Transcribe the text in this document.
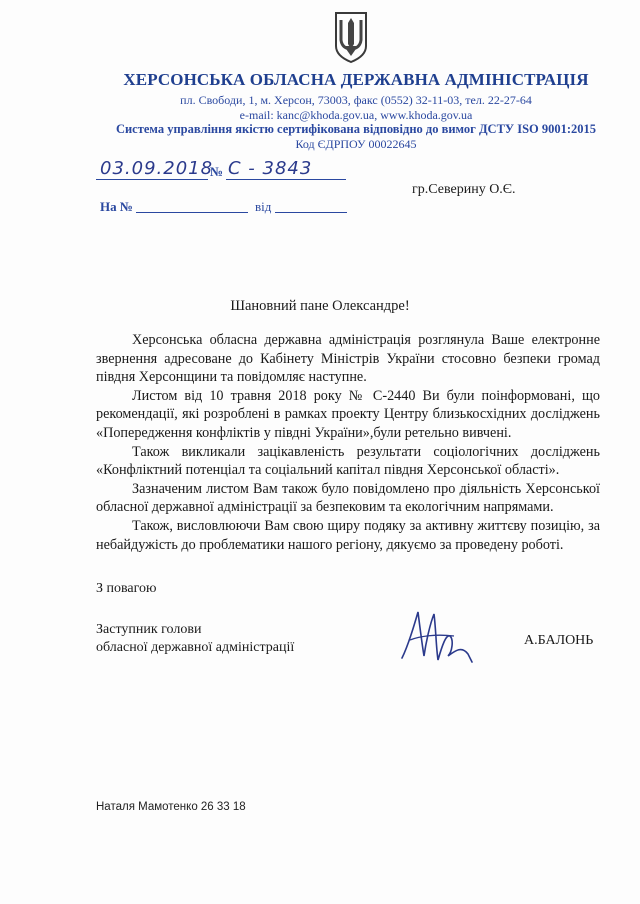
ХЕРСОНСЬКА ОБЛАСНА ДЕРЖАВНА АДМІНІСТРАЦІЯ
пл. Свободи, 1, м. Херсон, 73003, факс (0552) 32-11-03, тел. 22-27-64
e-mail: kanc@khoda.gov.ua, www.khoda.gov.ua
Система управління якістю сертифікована відповідно до вимог ДСТУ ISO 9001:2015
Код ЄДРПОУ 00022645
03.09.2018
№ С - 3843
На №	від
гр.Северину О.Є.
Шановний пане Олександре!

Херсонська обласна державна адміністрація розглянула Ваше електронне звернення адресоване до Кабінету Міністрів України стосовно безпеки громад півдня Херсонщини та повідомляє наступне.

Листом від 10 травня 2018 року № С-2440 Ви були поінформовані, що рекомендації, які розроблені в рамках проекту Центру близькосхідних досліджень «Попередження конфліктів у півдні України»,були ретельно вивчені.

Також викликали зацікавленість результати соціологічних досліджень «Конфліктний потенціал та соціальний капітал півдня Херсонської області».

Зазначеним листом Вам також було повідомлено про діяльність Херсонської обласної державної адміністрації за безпековим та екологічним напрямами.

Також, висловлюючи Вам свою щиру подяку за активну життєву позицію, за небайдужість до проблематики нашого регіону, дякуємо за проведену роботі.

З повагою
Заступник голови
обласної державної адміністрації	А.БАЛОНЬ
Наталя Мамотенко 26 33 18
